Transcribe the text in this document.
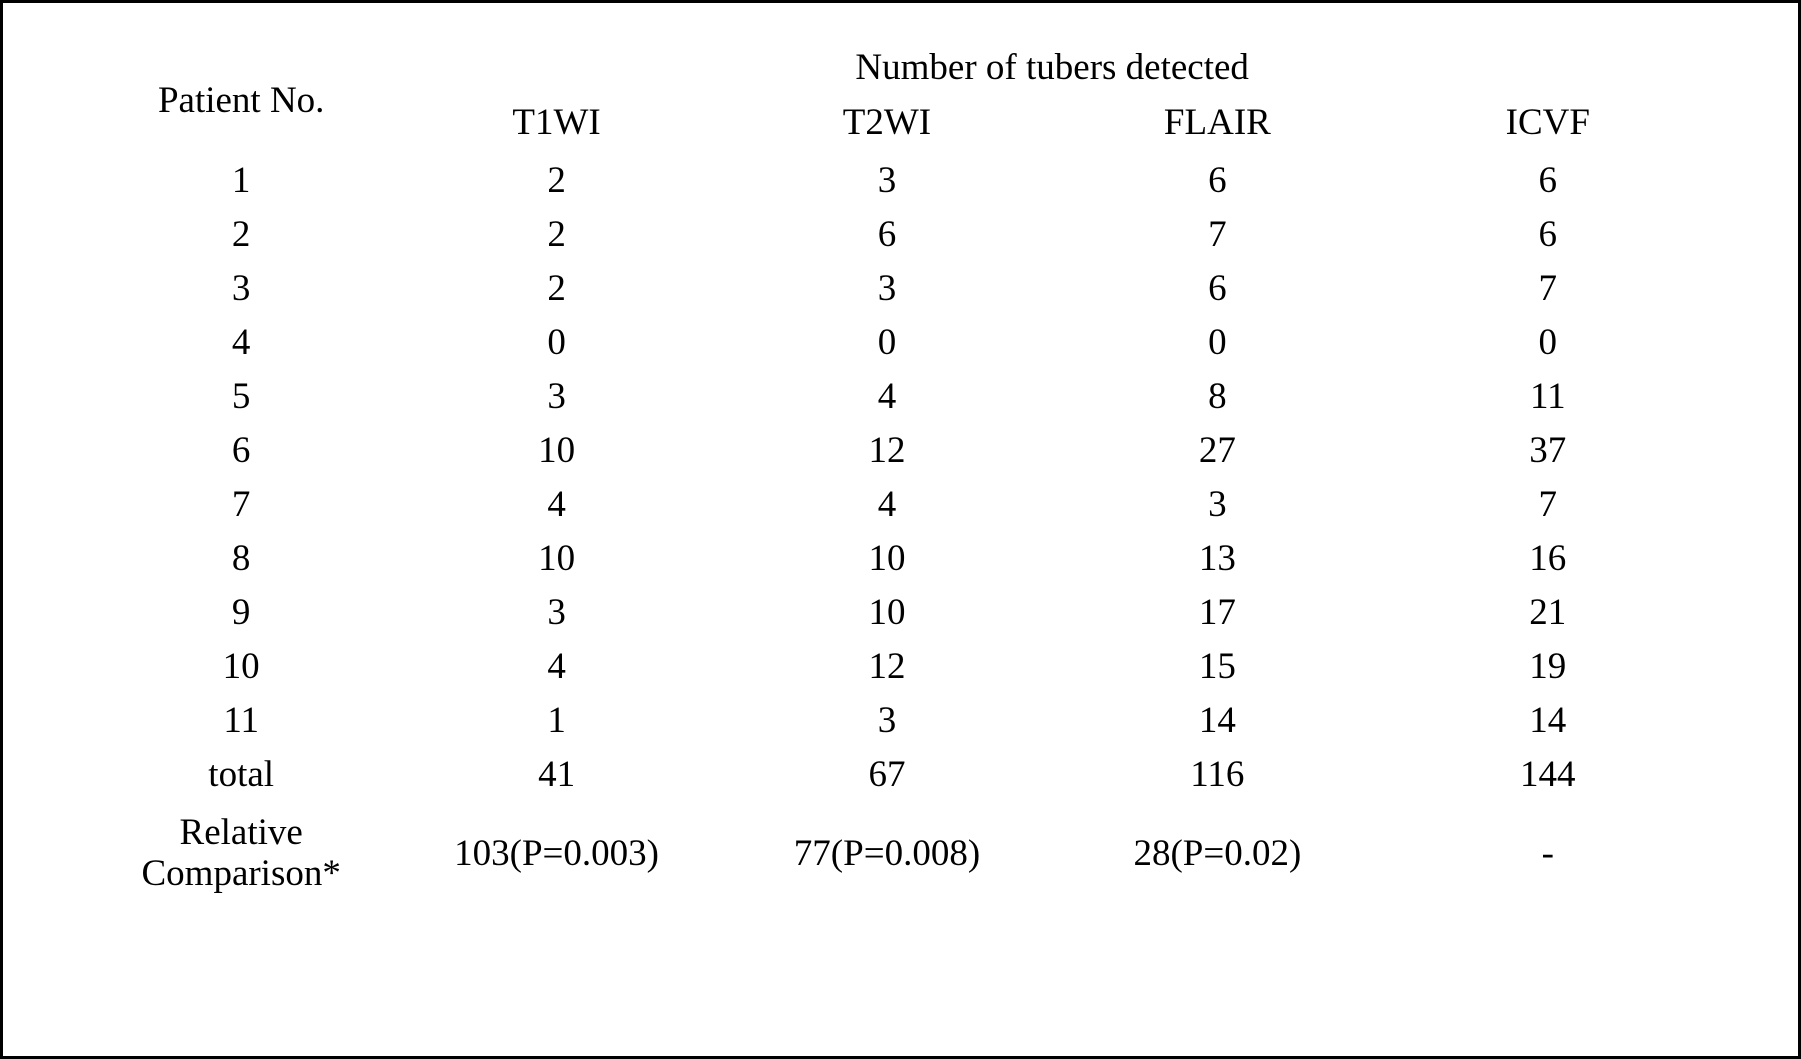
Patient No.	Number of tubers detected			
	T1WI	T2WI	FLAIR	ICVF

1	2	3	6	6
2	2	6	7	6
3	2	3	6	7
4	0	0	0	0
5	3	4	8	11
6	10	12	27	37
7	4	4	3	7
8	10	10	13	16
9	3	10	17	21
10	4	12	15	19
11	1	3	14	14
total	41	67	116	144

Relative
Comparison*	103(P=0.003)	77(P=0.008)	28(P=0.02)	-
